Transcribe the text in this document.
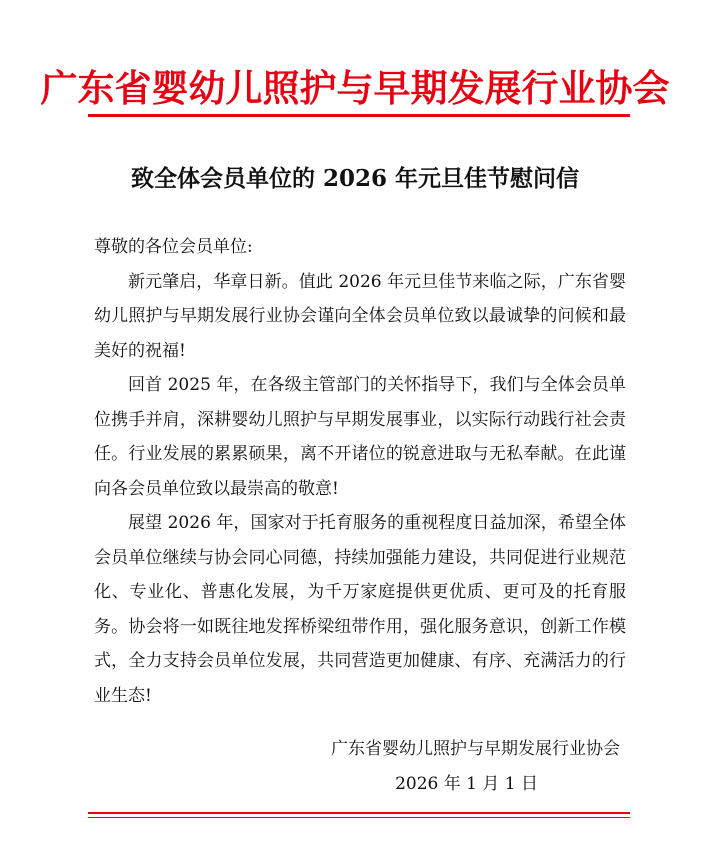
广东省婴幼儿照护与早期发展行业协会
致全体会员单位的 2026 年元旦佳节慰问信

尊敬的各位会员单位:

新元肇启，华章日新。值此 2026 年元旦佳节来临之际，广东省婴幼儿照护与早期发展行业协会谨向全体会员单位致以最诚挚的问候和最美好的祝福!

回首 2025 年，在各级主管部门的关怀指导下，我们与全体会员单位携手并肩，深耕婴幼儿照护与早期发展事业，以实际行动践行社会责任。行业发展的累累硕果，离不开诸位的锐意进取与无私奉献。在此谨向各会员单位致以最崇高的敬意!

展望 2026 年，国家对于托育服务的重视程度日益加深，希望全体会员单位继续与协会同心同德，持续加强能力建设，共同促进行业规范化、专业化、普惠化发展，为千万家庭提供更优质、更可及的托育服务。协会将一如既往地发挥桥梁纽带作用，强化服务意识，创新工作模式，全力支持会员单位发展，共同营造更加健康、有序、充满活力的行业生态!

广东省婴幼儿照护与早期发展行业协会
2026 年 1 月 1 日
